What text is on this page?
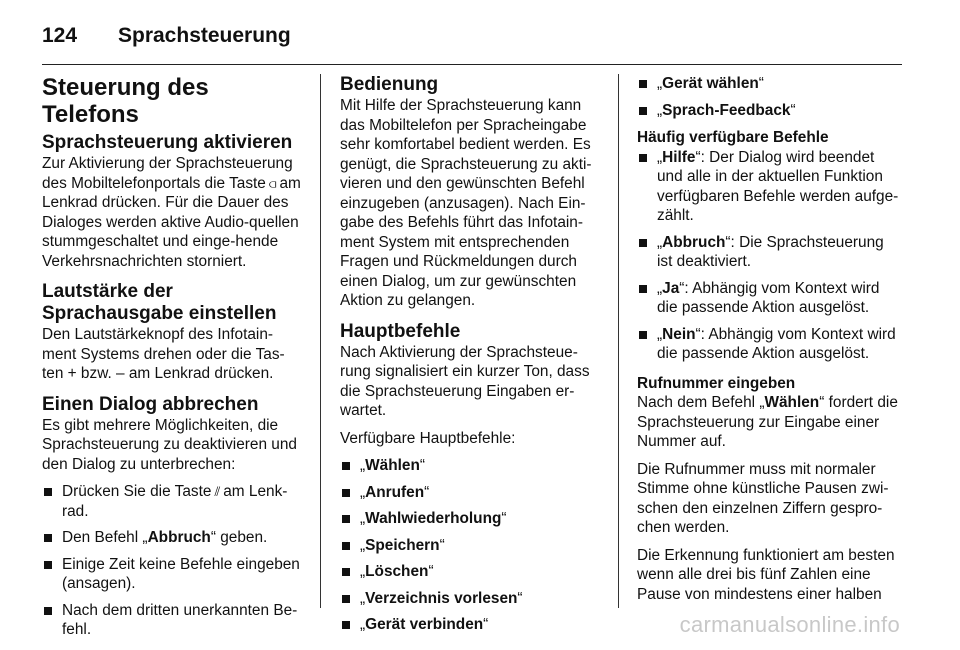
124	Sprachsteuerung
Steuerung des Telefons
Sprachsteuerung aktivieren

Zur Aktivierung der Sprachsteuerung des Mobiltelefonportals die Taste ⫏ am Lenkrad drücken. Für die Dauer des Dialoges werden aktive Audio-quellen stummgeschaltet und einge-hende Verkehrsnachrichten storniert.

Lautstärke der Sprachausgabe einstellen

Den Lautstärkeknopf des Infotain-ment Systems drehen oder die Tas-ten + bzw. – am Lenkrad drücken.

Einen Dialog abbrechen

Es gibt mehrere Möglichkeiten, die Sprachsteuerung zu deaktivieren und den Dialog zu unterbrechen:

Drücken Sie die Taste ⫽ am Lenk-rad.
Den Befehl „Abbruch“ geben.
Einige Zeit keine Befehle eingeben (ansagen).
Nach dem dritten unerkannten Be-fehl.
Bedienung

Mit Hilfe der Sprachsteuerung kann das Mobiltelefon per Spracheingabe sehr komfortabel bedient werden. Es genügt, die Sprachsteuerung zu akti-vieren und den gewünschten Befehl einzugeben (anzusagen). Nach Ein-gabe des Befehls führt das Infotain-ment System mit entsprechenden Fragen und Rückmeldungen durch einen Dialog, um zur gewünschten Aktion zu gelangen.

Hauptbefehle

Nach Aktivierung der Sprachsteue-rung signalisiert ein kurzer Ton, dass die Sprachsteuerung Eingaben er-wartet.

Verfügbare Hauptbefehle:

„Wählen“
„Anrufen“
„Wahlwiederholung“
„Speichern“
„Löschen“
„Verzeichnis vorlesen“
„Gerät verbinden“
„Gerät wählen“
„Sprach-Feedback“
Häufig verfügbare Befehle
„Hilfe“: Der Dialog wird beendet und alle in der aktuellen Funktion verfügbaren Befehle werden aufge-zählt.
„Abbruch“: Die Sprachsteuerung ist deaktiviert.
„Ja“: Abhängig vom Kontext wird die passende Aktion ausgelöst.
„Nein“: Abhängig vom Kontext wird die passende Aktion ausgelöst.
Rufnummer eingeben

Nach dem Befehl „Wählen“ fordert die Sprachsteuerung zur Eingabe einer Nummer auf.

Die Rufnummer muss mit normaler Stimme ohne künstliche Pausen zwi-schen den einzelnen Ziffern gespro-chen werden.

Die Erkennung funktioniert am besten wenn alle drei bis fünf Zahlen eine Pause von mindestens einer halben

carmanualsonline.info
